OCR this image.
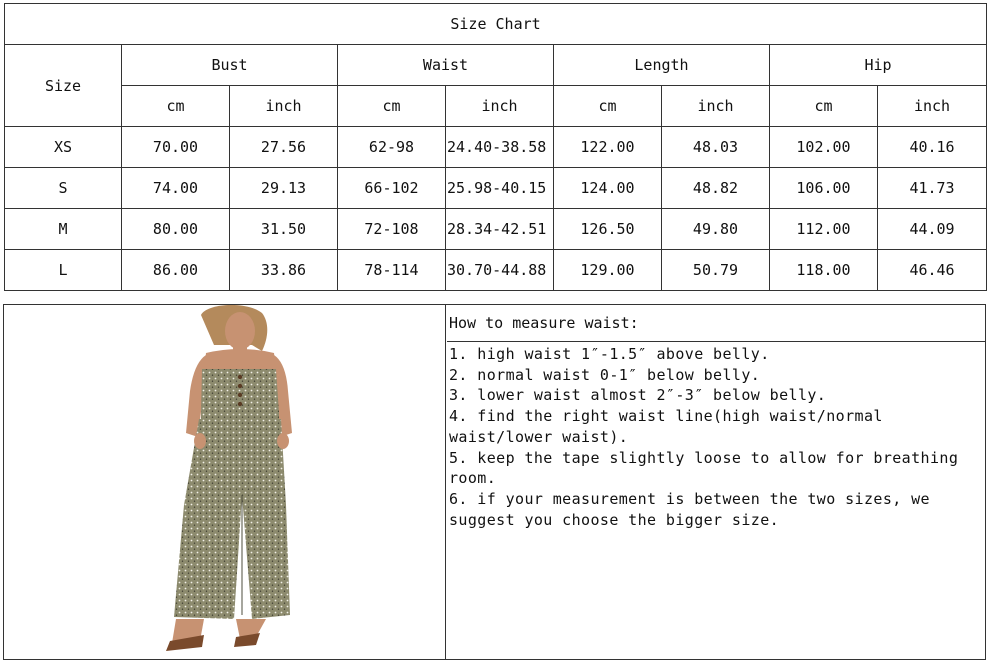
Size Chart								
Size	Bust		Waist		Length		Hip	
	cm	inch	cm	inch	cm	inch	cm	inch
XS	70.00	27.56	62-98	24.40-38.58	122.00	48.03	102.00	40.16
S	74.00	29.13	66-102	25.98-40.15	124.00	48.82	106.00	41.73
M	80.00	31.50	72-108	28.34-42.51	126.50	49.80	112.00	44.09
L	86.00	33.86	78-114	30.70-44.88	129.00	50.79	118.00	46.46
How to measure waist:
1. high waist 1″-1.5″ above belly.
2. normal waist 0-1″ below belly.
3. lower waist almost 2″-3″ below belly.
4. find the right waist line(high waist/normal waist/lower waist).
5. keep the tape slightly loose to allow for breathing room.
6. if your measurement is between the two sizes, we suggest you choose the bigger size.
